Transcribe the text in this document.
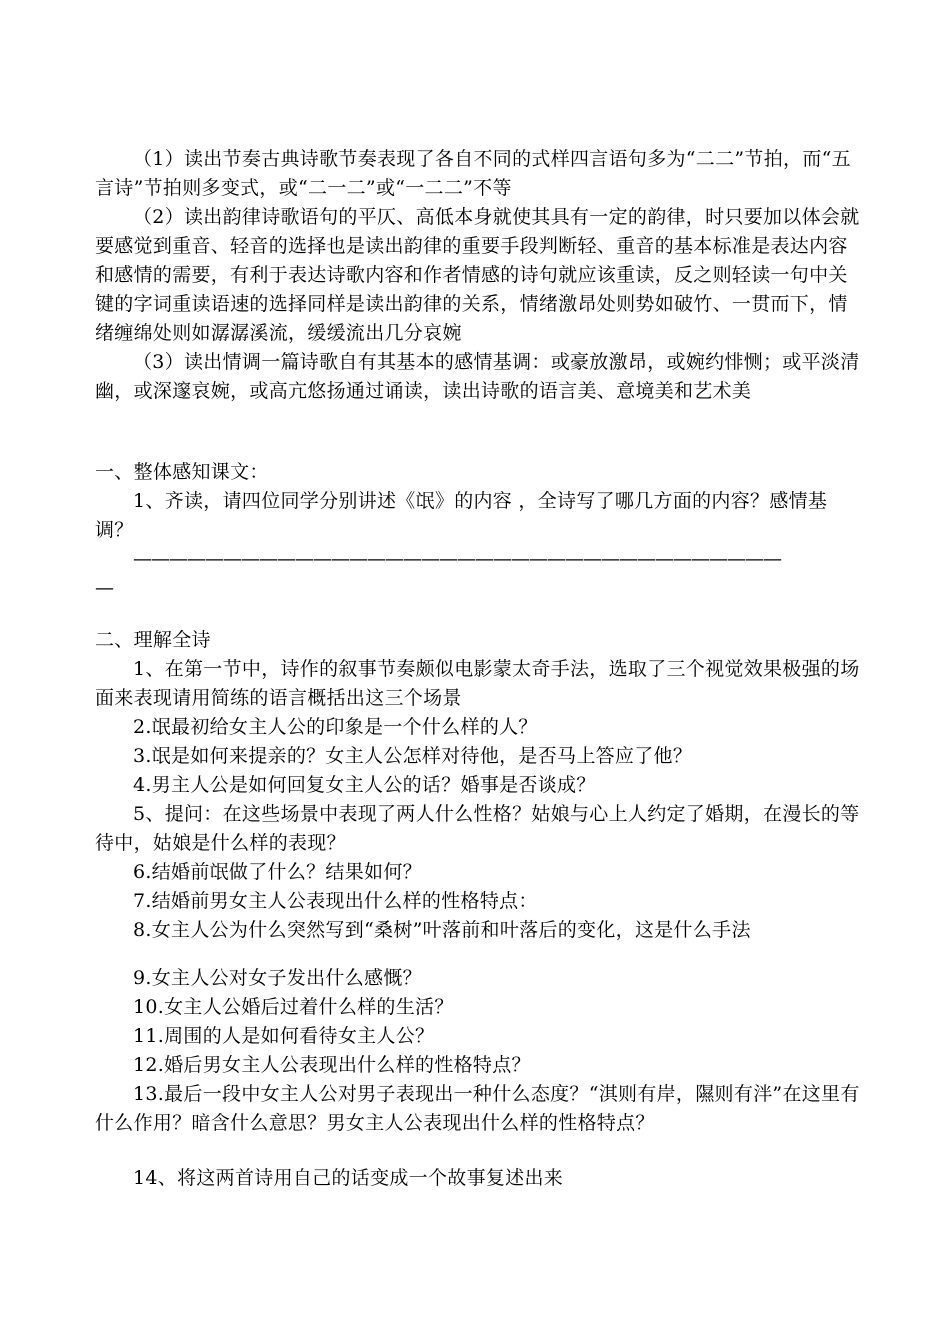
（1）读出节奏古典诗歌节奏表现了各自不同的式样四言语句多为“二二”节拍，而“五言诗”节拍则多变式，或“二一二”或“一二二”不等

（2）读出韵律诗歌语句的平仄、高低本身就使其具有一定的韵律，时只要加以体会就要感觉到重音、轻音的选择也是读出韵律的重要手段判断轻、重音的基本标准是表达内容和感情的需要，有利于表达诗歌内容和作者情感的诗句就应该重读，反之则轻读一句中关键的字词重读语速的选择同样是读出韵律的关系，情绪激昂处则势如破竹、一贯而下，情绪缠绵处则如潺潺溪流，缓缓流出几分哀婉

（3）读出情调一篇诗歌自有其基本的感情基调：或豪放激昂，或婉约悱恻；或平淡清幽，或深邃哀婉，或高亢悠扬通过诵读，读出诗歌的语言美、意境美和艺术美

一、整体感知课文：

1、齐读，请四位同学分别讲述《氓》的内容 ，全诗写了哪几方面的内容？感情基调？

————————————————————————————————————

—

二、理解全诗

1、在第一节中，诗作的叙事节奏颇似电影蒙太奇手法，选取了三个视觉效果极强的场面来表现请用简练的语言概括出这三个场景

2.氓最初给女主人公的印象是一个什么样的人？

3.氓是如何来提亲的？女主人公怎样对待他，是否马上答应了他？

4.男主人公是如何回复女主人公的话？婚事是否谈成？

5、提问：在这些场景中表现了两人什么性格？姑娘与心上人约定了婚期，在漫长的等待中，姑娘是什么样的表现？

6.结婚前氓做了什么？结果如何？

7.结婚前男女主人公表现出什么样的性格特点：

8.女主人公为什么突然写到“桑树”叶落前和叶落后的变化，这是什么手法

9.女主人公对女子发出什么感慨？

10.女主人公婚后过着什么样的生活？

11.周围的人是如何看待女主人公？

12.婚后男女主人公表现出什么样的性格特点？

13.最后一段中女主人公对男子表现出一种什么态度？“淇则有岸，隰则有泮”在这里有什么作用？暗含什么意思？男女主人公表现出什么样的性格特点？

14、将这两首诗用自己的话变成一个故事复述出来
